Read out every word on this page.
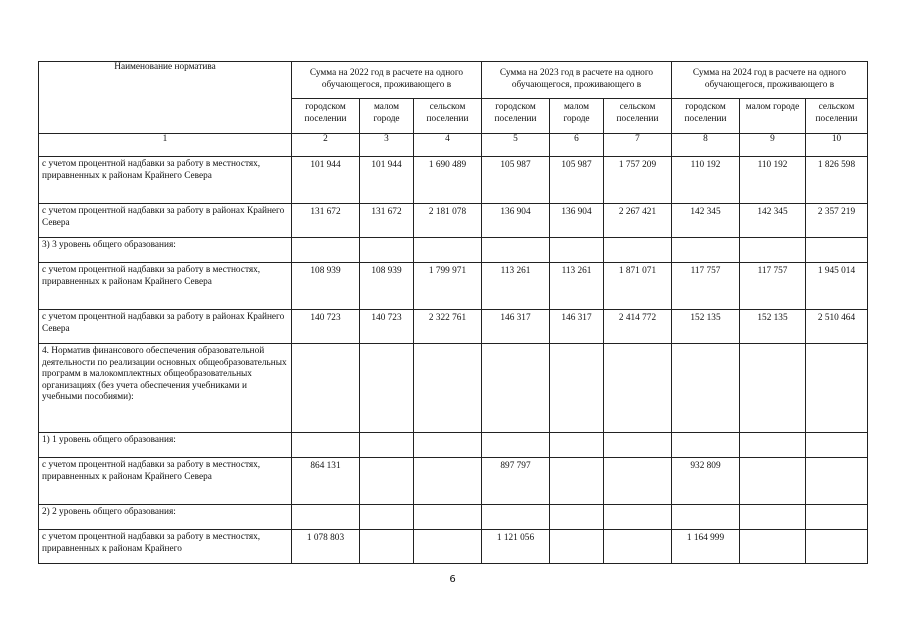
Наименование норматива	Сумма на 2022 год в расчете на одного обучающегося, проживающего в			Сумма на 2023 год в расчете на одного обучающегося, проживающего в			Сумма на 2024 год в расчете на одного обучающегося, проживающего в		
	городском поселении	малом городе	сельском поселении	городском поселении	малом городе	сельском поселении	городском поселении	малом городе	сельском поселении
1	2	3	4	5	6	7	8	9	10
с учетом процентной надбавки за работу в местностях, приравненных к районам Крайнего Севера	101 944	101 944	1 690 489	105 987	105 987	1 757 209	110 192	110 192	1 826 598
с учетом процентной надбавки за работу в районах Крайнего Севера	131 672	131 672	2 181 078	136 904	136 904	2 267 421	142 345	142 345	2 357 219
3) 3 уровень общего образования:									
с учетом процентной надбавки за работу в местностях, приравненных к районам Крайнего Севера	108 939	108 939	1 799 971	113 261	113 261	1 871 071	117 757	117 757	1 945 014
с учетом процентной надбавки за работу в районах Крайнего Севера	140 723	140 723	2 322 761	146 317	146 317	2 414 772	152 135	152 135	2 510 464
4. Норматив финансового обеспечения образовательной деятельности по реализации основных общеобразовательных программ в малокомплектных общеобразовательных организациях (без учета обеспечения учебниками и учебными пособиями):									
1) 1 уровень общего образования:									
с учетом процентной надбавки за работу в местностях, приравненных к районам Крайнего Севера	864 131			897 797			932 809		
2) 2 уровень общего образования:									
с учетом процентной надбавки за работу в местностях, приравненных к районам Крайнего	1 078 803			1 121 056			1 164 999		
6
